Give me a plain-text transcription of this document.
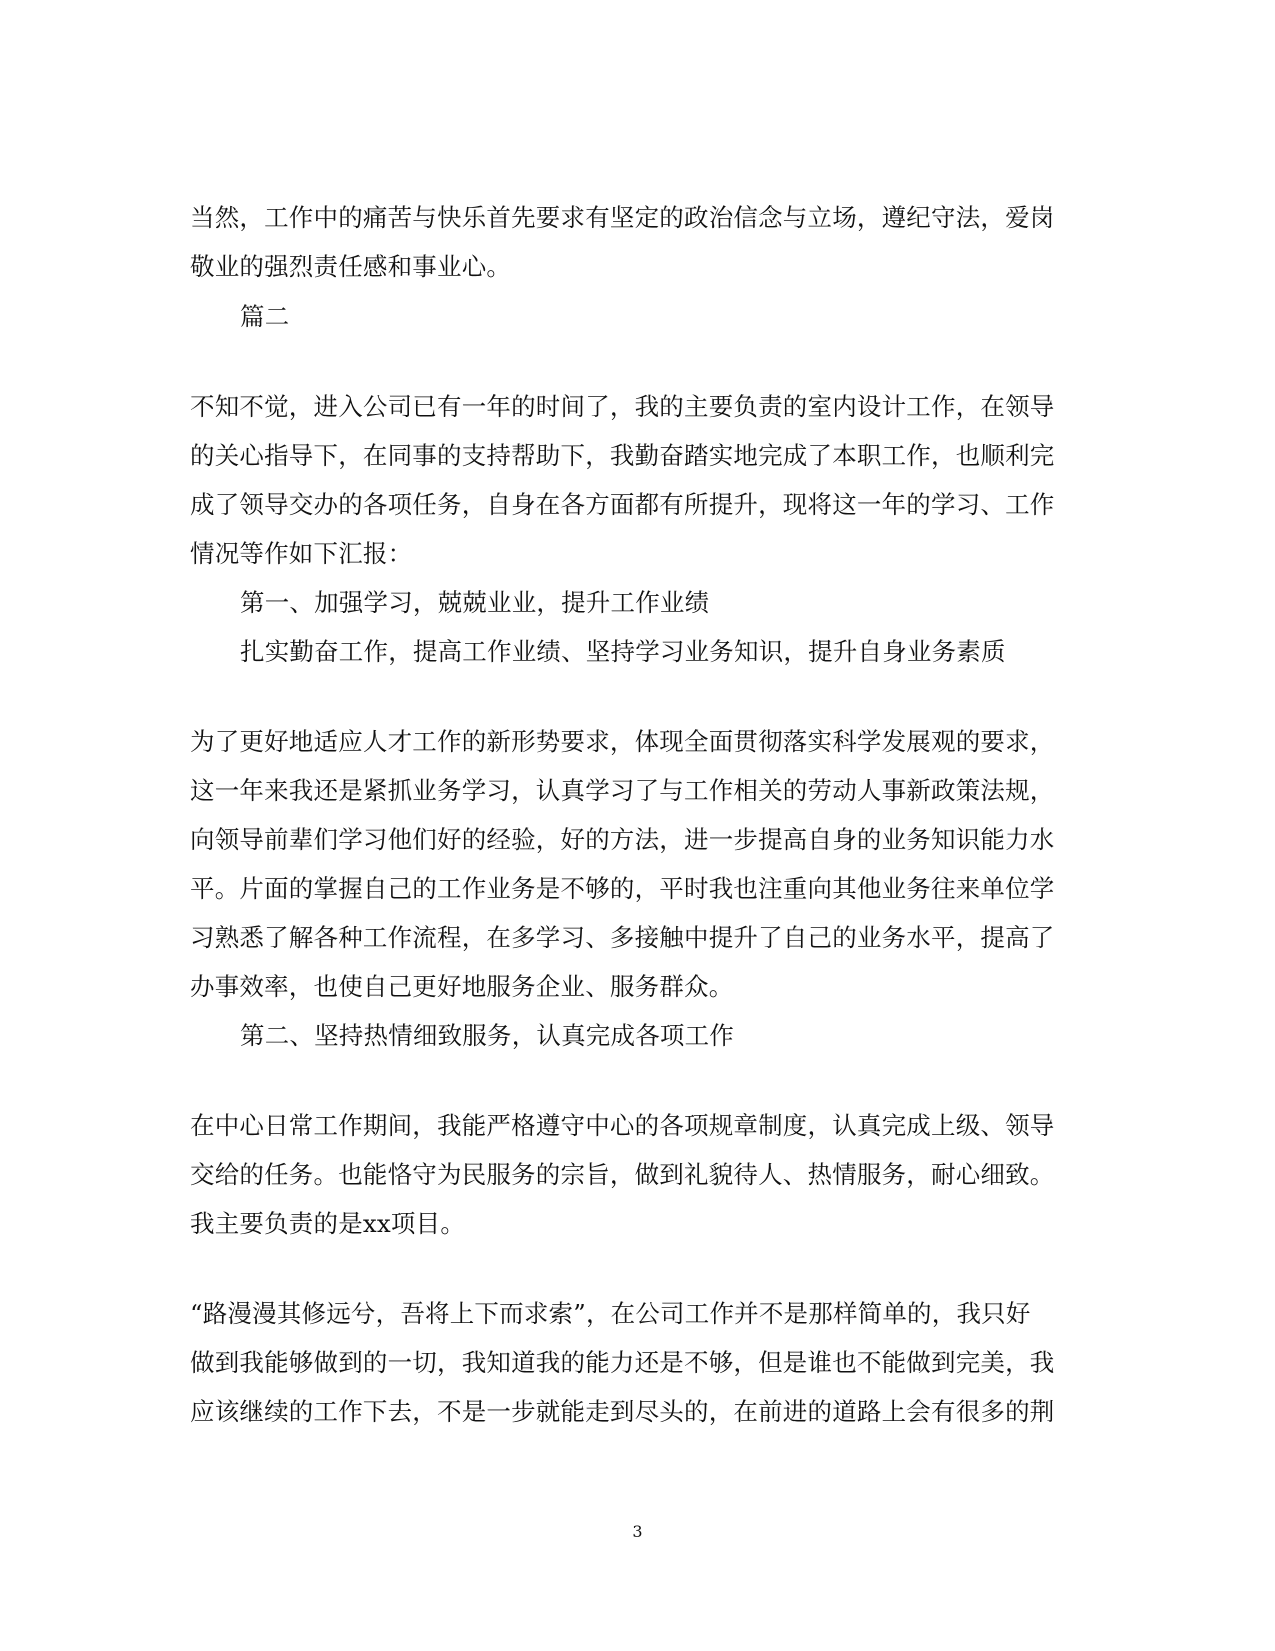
当然，工作中的痛苦与快乐首先要求有坚定的政治信念与立场，遵纪守法，爱岗
敬业的强烈责任感和事业心。
篇二
不知不觉，进入公司已有一年的时间了，我的主要负责的室内设计工作，在领导
的关心指导下，在同事的支持帮助下，我勤奋踏实地完成了本职工作，也顺利完
成了领导交办的各项任务，自身在各方面都有所提升，现将这一年的学习、工作
情况等作如下汇报：
第一、加强学习，兢兢业业，提升工作业绩
扎实勤奋工作，提高工作业绩、坚持学习业务知识，提升自身业务素质
为了更好地适应人才工作的新形势要求，体现全面贯彻落实科学发展观的要求，
这一年来我还是紧抓业务学习，认真学习了与工作相关的劳动人事新政策法规，
向领导前辈们学习他们好的经验，好的方法，进一步提高自身的业务知识能力水
平。片面的掌握自己的工作业务是不够的，平时我也注重向其他业务往来单位学
习熟悉了解各种工作流程，在多学习、多接触中提升了自己的业务水平，提高了
办事效率，也使自己更好地服务企业、服务群众。
第二、坚持热情细致服务，认真完成各项工作
在中心日常工作期间，我能严格遵守中心的各项规章制度，认真完成上级、领导
交给的任务。也能恪守为民服务的宗旨，做到礼貌待人、热情服务，耐心细致。
我主要负责的是xx项目。
“路漫漫其修远兮，吾将上下而求索”，在公司工作并不是那样简单的，我只好
做到我能够做到的一切，我知道我的能力还是不够，但是谁也不能做到完美，我
应该继续的工作下去，不是一步就能走到尽头的，在前进的道路上会有很多的荆
3
